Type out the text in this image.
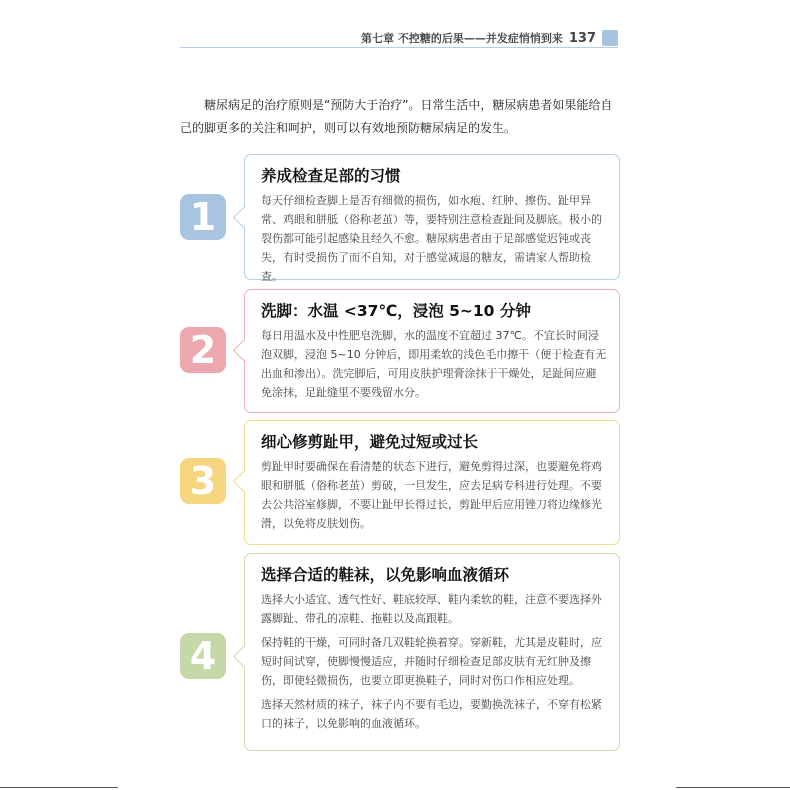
第七章 不控糖的后果——并发症悄悄到来 137

糖尿病足的治疗原则是“预防大于治疗”。日常生活中，糖尿病患者如果能给自己的脚更多的关注和呵护，则可以有效地预防糖尿病足的发生。

1
养成检查足部的习惯

每天仔细检查脚上是否有细微的损伤，如水疱、红肿、擦伤、趾甲异常、鸡眼和胼胝（俗称老茧）等，要特别注意检查趾间及脚底。极小的裂伤都可能引起感染且经久不愈。糖尿病患者由于足部感觉迟钝或丧失，有时受损伤了而不自知，对于感觉减退的糖友，需请家人帮助检查。

2
洗脚：水温 <37℃，浸泡 5~10 分钟

每日用温水及中性肥皂洗脚，水的温度不宜超过 37℃。不宜长时间浸泡双脚，浸泡 5~10 分钟后，即用柔软的浅色毛巾擦干（便于检查有无出血和渗出）。洗完脚后，可用皮肤护理膏涂抹于干燥处，足趾间应避免涂抹，足趾缝里不要残留水分。

3
细心修剪趾甲，避免过短或过长

剪趾甲时要确保在看清楚的状态下进行，避免剪得过深，也要避免将鸡眼和胼胝（俗称老茧）剪破，一旦发生，应去足病专科进行处理。不要去公共浴室修脚，不要让趾甲长得过长，剪趾甲后应用锉刀将边缘修光滑，以免将皮肤划伤。

4
选择合适的鞋袜，以免影响血液循环

选择大小适宜、透气性好、鞋底较厚、鞋内柔软的鞋，注意不要选择外露脚趾、带孔的凉鞋、拖鞋以及高跟鞋。

保持鞋的干燥，可同时备几双鞋轮换着穿。穿新鞋，尤其是皮鞋时，应短时间试穿，使脚慢慢适应，并随时仔细检查足部皮肤有无红肿及擦伤，即使轻微损伤，也要立即更换鞋子，同时对伤口作相应处理。

选择天然材质的袜子，袜子内不要有毛边，要勤换洗袜子，不穿有松紧口的袜子，以免影响的血液循环。
